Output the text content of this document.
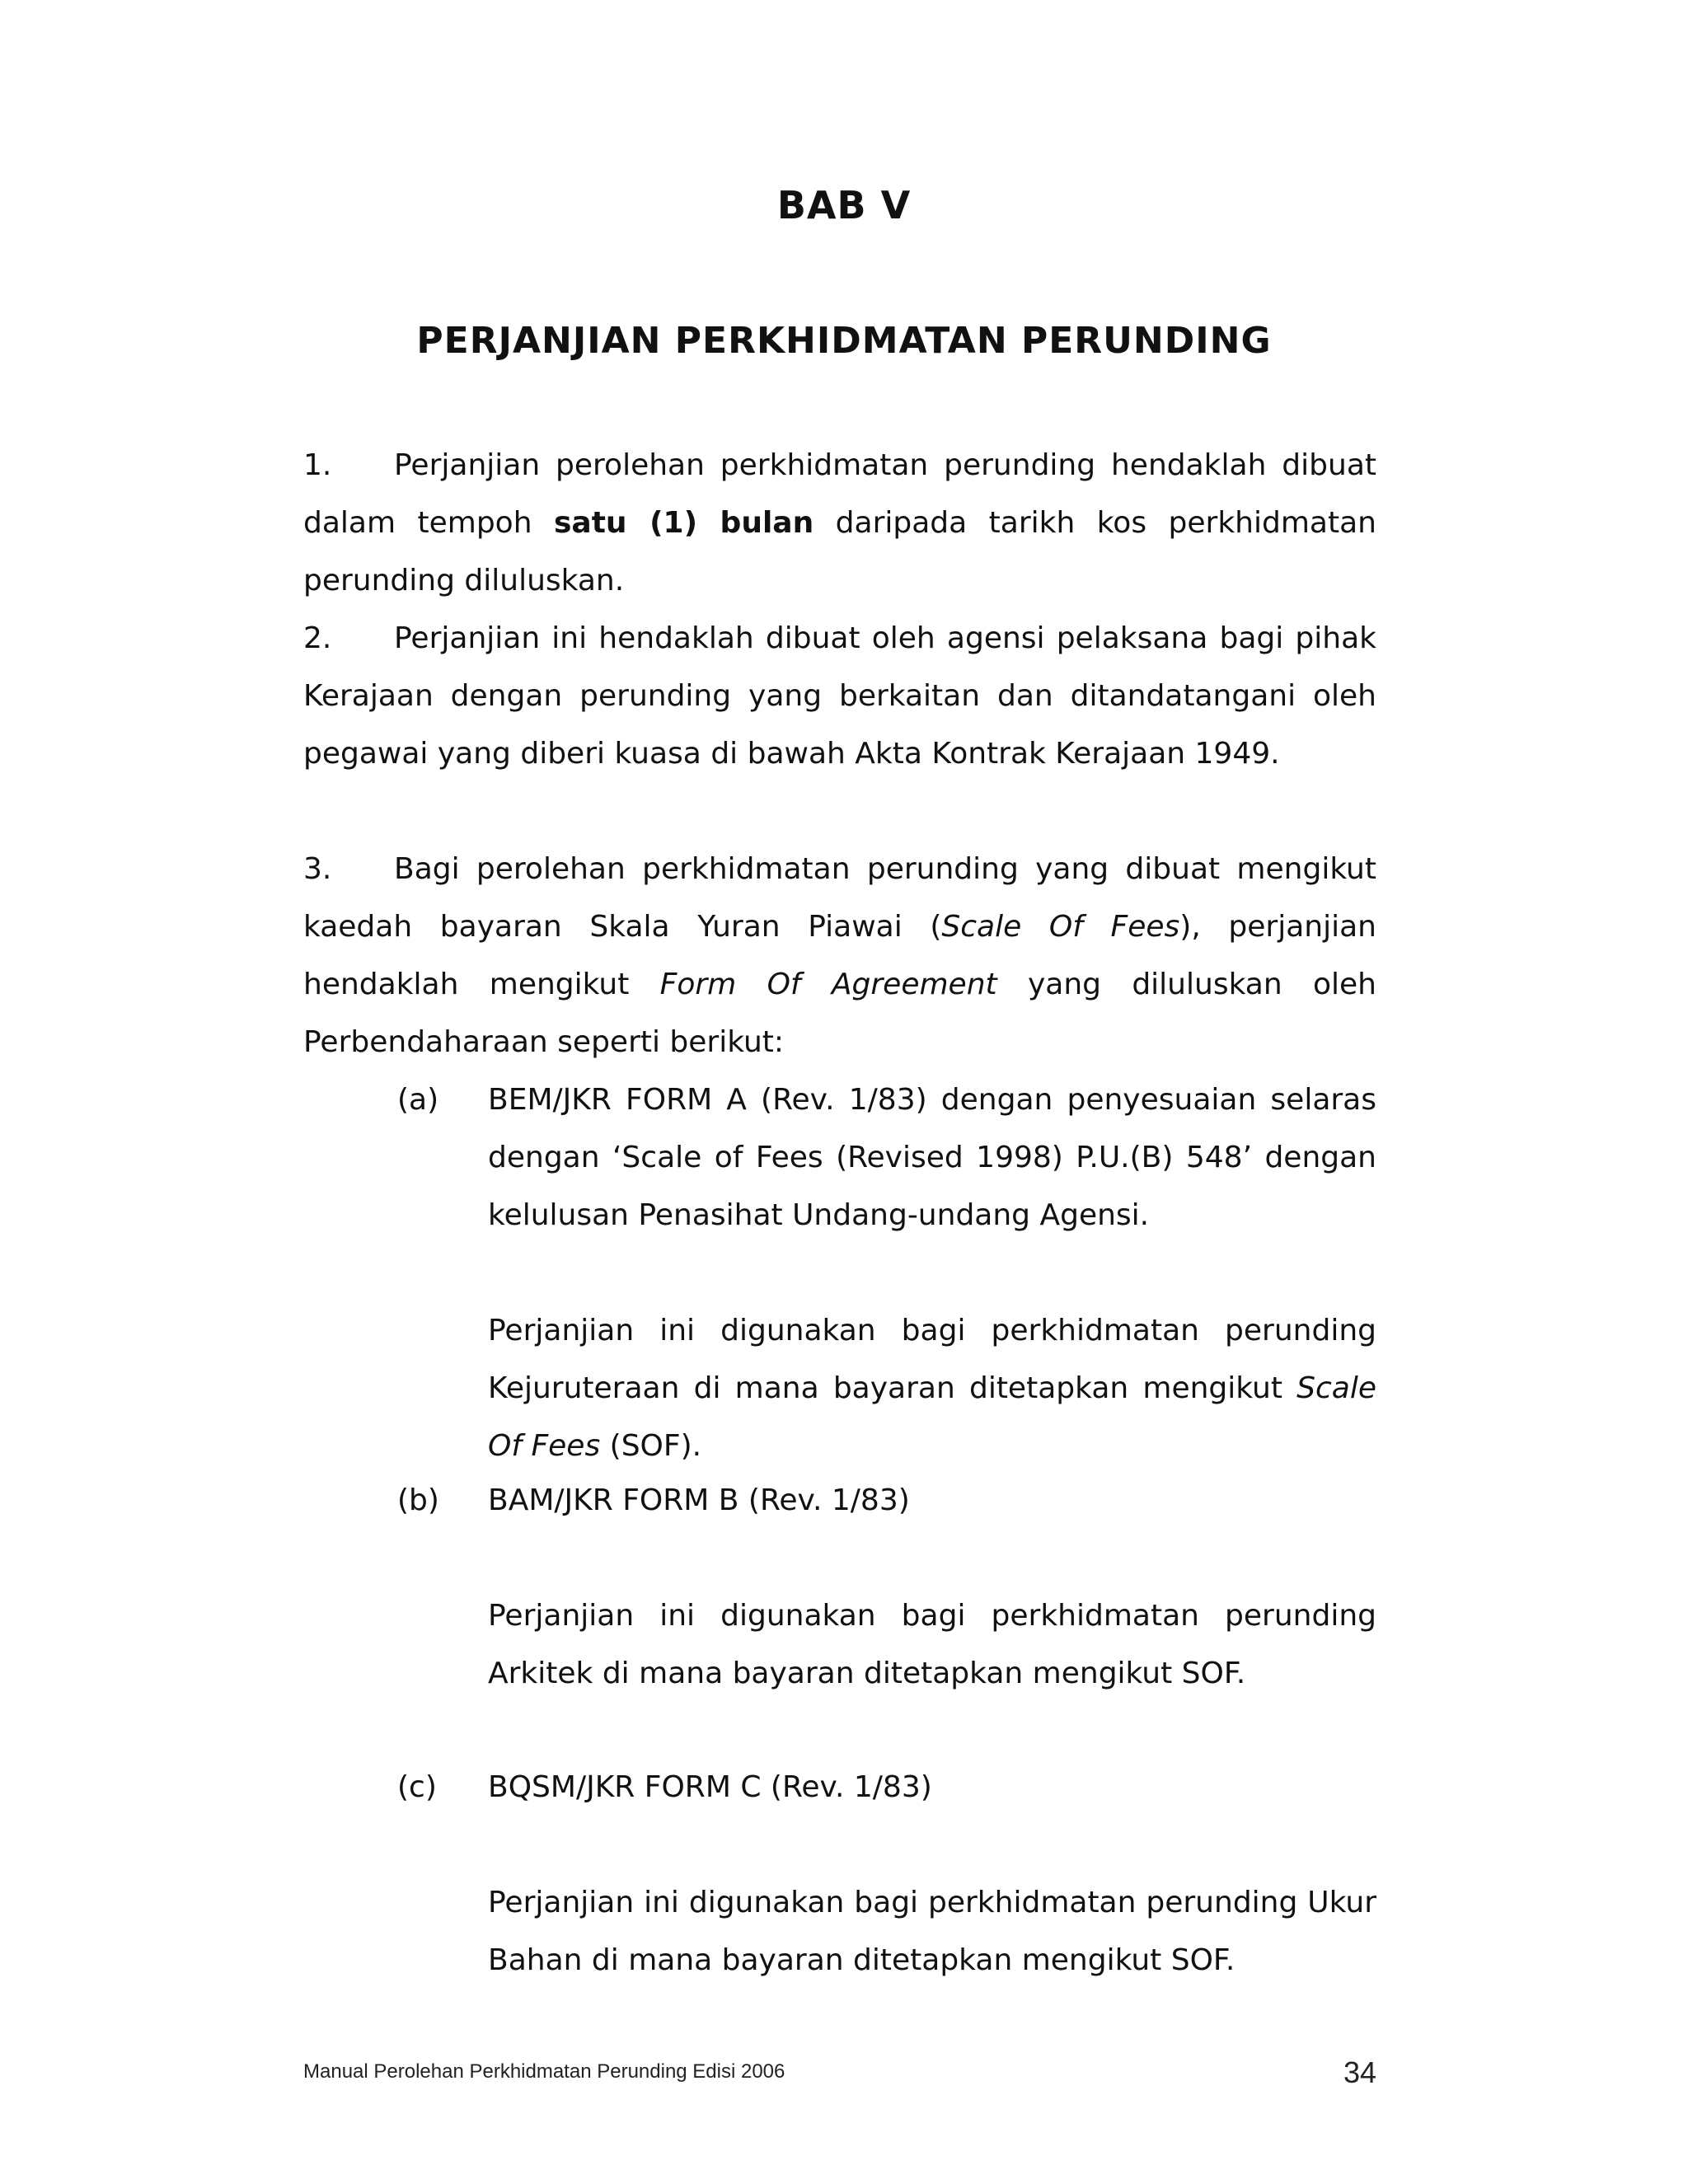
BAB V
PERJANJIAN PERKHIDMATAN PERUNDING

1. Perjanjian perolehan perkhidmatan perunding hendaklah dibuat dalam tempoh satu (1) bulan daripada tarikh kos perkhidmatan perunding diluluskan.

2. Perjanjian ini hendaklah dibuat oleh agensi pelaksana bagi pihak Kerajaan dengan perunding yang berkaitan dan ditandatangani oleh pegawai yang diberi kuasa di bawah Akta Kontrak Kerajaan 1949.

3. Bagi perolehan perkhidmatan perunding yang dibuat mengikut kaedah bayaran Skala Yuran Piawai (Scale Of Fees), perjanjian hendaklah mengikut Form Of Agreement yang diluluskan oleh Perbendaharaan seperti berikut:

(a)	BEM/JKR FORM A (Rev. 1/83) dengan penyesuaian selaras dengan ‘Scale of Fees (Revised 1998) P.U.(B) 548’ dengan kelulusan Penasihat Undang-undang Agensi.
Perjanjian ini digunakan bagi perkhidmatan perunding Kejuruteraan di mana bayaran ditetapkan mengikut Scale Of Fees (SOF).
(b)	BAM/JKR FORM B (Rev. 1/83)
Perjanjian ini digunakan bagi perkhidmatan perunding Arkitek di mana bayaran ditetapkan mengikut SOF.
(c)	BQSM/JKR FORM C (Rev. 1/83)
Perjanjian ini digunakan bagi perkhidmatan perunding Ukur Bahan di mana bayaran ditetapkan mengikut SOF.
Manual Perolehan Perkhidmatan Perunding Edisi 2006	34
